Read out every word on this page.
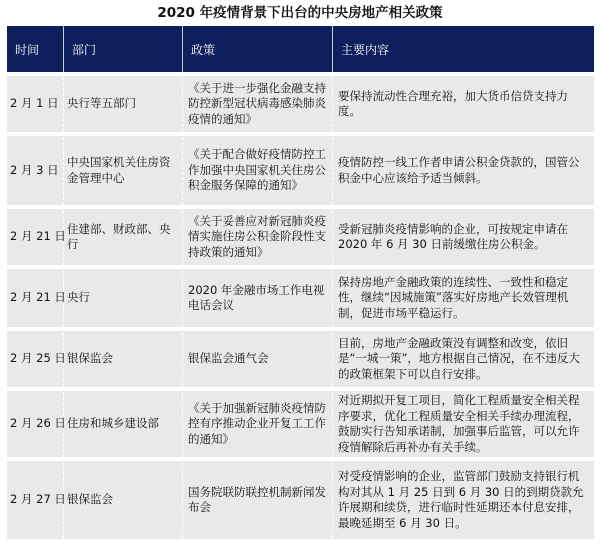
2020 年疫情背景下出台的中央房地产相关政策
时间	部门	政策	主要内容
2 月 1 日	央行等五部门	《关于进一步强化金融支持防控新型冠状病毒感染肺炎疫情的通知》	要保持流动性合理充裕，加大货币信贷支持力度。
2 月 3 日	中央国家机关住房资金管理中心	《关于配合做好疫情防控工作加强中央国家机关住房公积金服务保障的通知》	疫情防控一线工作者申请公积金贷款的，国管公积金中心应该给予适当倾斜。
2 月 21 日	住建部、财政部、央行	《关于妥善应对新冠肺炎疫情实施住房公积金阶段性支持政策的通知》	受新冠肺炎疫情影响的企业，可按规定申请在 2020 年 6 月 30 日前缓缴住房公积金。
2 月 21 日	央行	2020 年金融市场工作电视电话会议	保持房地产金融政策的连续性、一致性和稳定性，继续“因城施策”落实好房地产长效管理机制，促进市场平稳运行。
2 月 25 日	银保监会	银保监会通气会	目前，房地产金融政策没有调整和改变，依旧是“一城一策”，地方根据自己情况，在不违反大的政策框架下可以自行安排。
2 月 26 日	住房和城乡建设部	《关于加强新冠肺炎疫情防控有序推动企业开复工工作的通知》	对近期拟开复工项目，简化工程质量安全相关程序要求，优化工程质量安全相关手续办理流程，鼓励实行告知承诺制，加强事后监管，可以允许疫情解除后再补办有关手续。
2 月 27 日	银保监会	国务院联防联控机制新闻发布会	对受疫情影响的企业，监管部门鼓励支持银行机构对其从 1 月 25 日到 6 月 30 日的到期贷款允许展期和续贷，进行临时性延期还本付息安排，最晚延期至 6 月 30 日。
